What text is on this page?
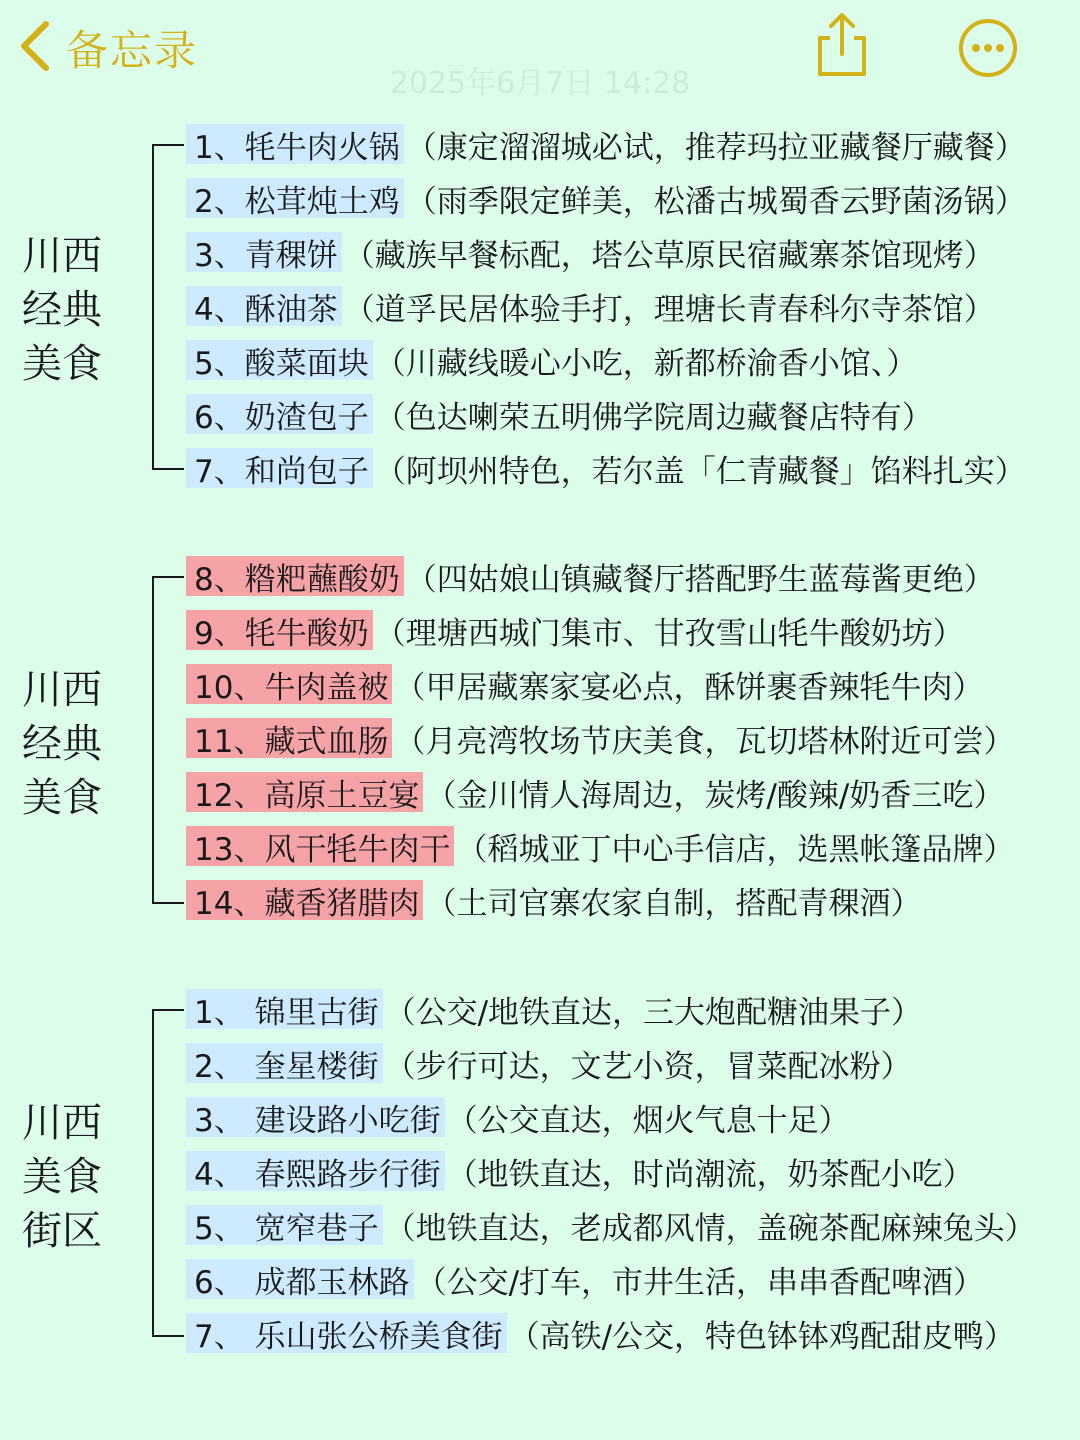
备忘录
2025年6月7日 14:28
川西
经典
美食
1、牦牛肉火锅 （康定溜溜城必试，推荐玛拉亚藏餐厅藏餐）
2、松茸炖土鸡 （雨季限定鲜美，松潘古城蜀香云野菌汤锅）
3、青稞饼 （藏族早餐标配，塔公草原民宿藏寨茶馆现烤）
4、酥油茶 （道孚民居体验手打，理塘长青春科尔寺茶馆）
5、酸菜面块 （川藏线暖心小吃，新都桥渝香小馆、）
6、奶渣包子 （色达喇荣五明佛学院周边藏餐店特有）
7、和尚包子 （阿坝州特色，若尔盖「仁青藏餐」馅料扎实）
川西
经典
美食
8、糌粑蘸酸奶 （四姑娘山镇藏餐厅搭配野生蓝莓酱更绝）
9、牦牛酸奶 （理塘西城门集市、甘孜雪山牦牛酸奶坊）
10、牛肉盖被 （甲居藏寨家宴必点，酥饼裹香辣牦牛肉）
11、藏式血肠 （月亮湾牧场节庆美食，瓦切塔林附近可尝）
12、高原土豆宴 （金川情人海周边，炭烤/酸辣/奶香三吃）
13、风干牦牛肉干 （稻城亚丁中心手信店，选黑帐篷品牌）
14、藏香猪腊肉 （土司官寨农家自制，搭配青稞酒）
川西
美食
街区
1、 锦里古街 （公交/地铁直达，三大炮配糖油果子）
2、 奎星楼街 （步行可达，文艺小资，冒菜配冰粉）
3、 建设路小吃街 （公交直达，烟火气息十足）
4、 春熙路步行街 （地铁直达，时尚潮流，奶茶配小吃）
5、 宽窄巷子 （地铁直达，老成都风情，盖碗茶配麻辣兔头）
6、 成都玉林路 （公交/打车，市井生活，串串香配啤酒）
7、 乐山张公桥美食街 （高铁/公交，特色钵钵鸡配甜皮鸭）
